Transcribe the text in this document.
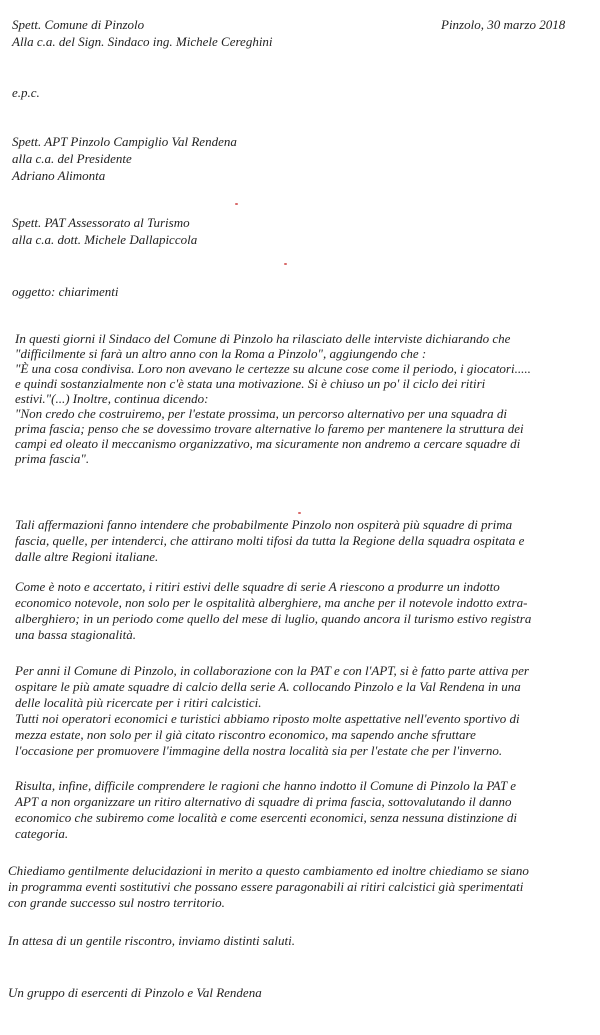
Spett. Comune di Pinzolo
Alla c.a. del Sign. Sindaco ing. Michele Cereghini
Pinzolo, 30 marzo 2018
e.p.c.
Spett. APT Pinzolo Campiglio Val Rendena
alla c.a. del Presidente
Adriano Alimonta
Spett. PAT Assessorato al Turismo
alla c.a. dott. Michele Dallapiccola
oggetto: chiarimenti
In questi giorni il Sindaco del Comune di Pinzolo ha rilasciato delle interviste dichiarando che
"difficilmente si farà un altro anno con la Roma a Pinzolo", aggiungendo che :
"È una cosa condivisa. Loro non avevano le certezze su alcune cose come il periodo, i giocatori.....
e quindi sostanzialmente non c'è stata una motivazione. Si è chiuso un po' il ciclo dei ritiri
estivi."(...) Inoltre, continua dicendo:
"Non credo che costruiremo, per l'estate prossima, un percorso alternativo per una squadra di
prima fascia; penso che se dovessimo trovare alternative lo faremo per mantenere la struttura dei
campi ed oleato il meccanismo organizzativo, ma sicuramente non andremo a cercare squadre di
prima fascia".
Tali affermazioni fanno intendere che probabilmente Pinzolo non ospiterà più squadre di prima
fascia, quelle, per intenderci, che attirano molti tifosi da tutta la Regione della squadra ospitata e
dalle altre Regioni italiane.
Come è noto e accertato, i ritiri estivi delle squadre di serie A riescono a produrre un indotto
economico notevole, non solo per le ospitalità alberghiere, ma anche per il notevole indotto extra-
alberghiero; in un periodo come quello del mese di luglio, quando ancora il turismo estivo registra
una bassa stagionalità.
Per anni il Comune di Pinzolo, in collaborazione con la PAT e con l'APT, si è fatto parte attiva per
ospitare le più amate squadre di calcio della serie A. collocando Pinzolo e la Val Rendena in una
delle località più ricercate per i ritiri calcistici.
Tutti noi operatori economici e turistici abbiamo riposto molte aspettative nell'evento sportivo di
mezza estate, non solo per il già citato riscontro economico, ma sapendo anche sfruttare
l'occasione per promuovere l'immagine della nostra località sia per l'estate che per l'inverno.
Risulta, infine, difficile comprendere le ragioni che hanno indotto il Comune di Pinzolo la PAT e
APT a non organizzare un ritiro alternativo di squadre di prima fascia, sottovalutando il danno
economico che subiremo come località e come esercenti economici, senza nessuna distinzione di
categoria.
Chiediamo gentilmente delucidazioni in merito a questo cambiamento ed inoltre chiediamo se siano
in programma eventi sostitutivi che possano essere paragonabili ai ritiri calcistici già sperimentati
con grande successo sul nostro territorio.
In attesa di un gentile riscontro, inviamo distinti saluti.
Un gruppo di esercenti di Pinzolo e Val Rendena
